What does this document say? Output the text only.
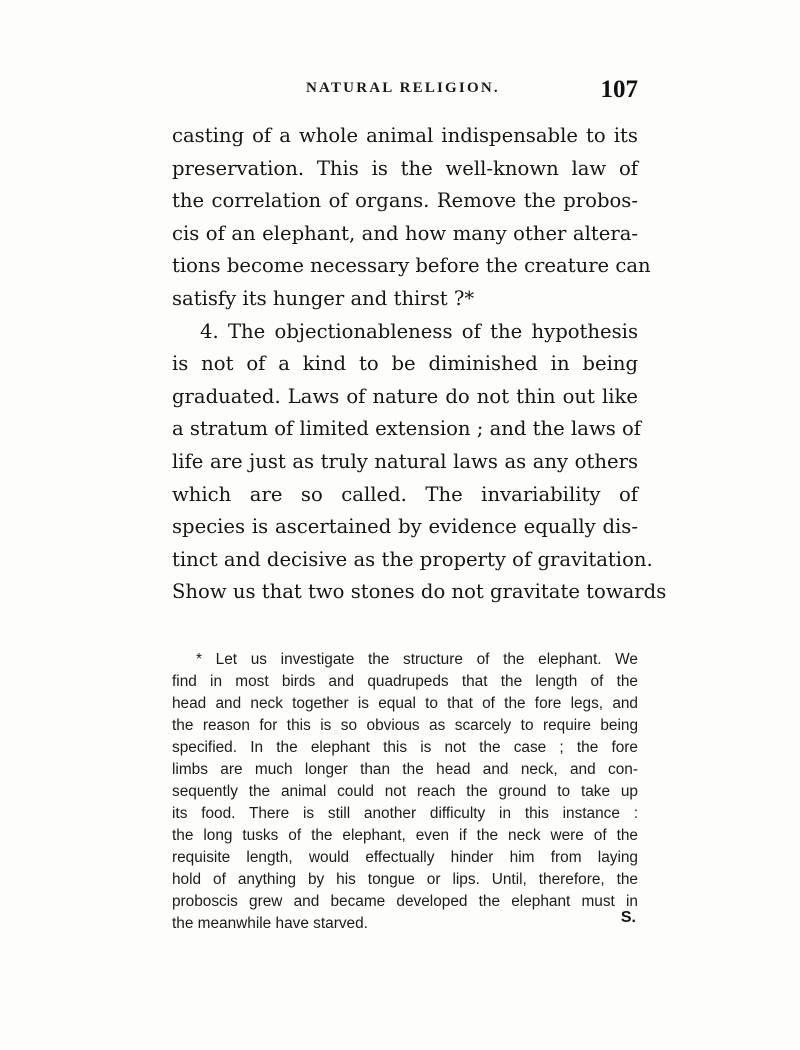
NATURAL RELIGION.	107

casting of a whole animal indispensable to its
preservation. This is the well-known law of
the correlation of organs. Remove the probos-
cis of an elephant, and how many other altera-
tions become necessary before the creature can
satisfy its hunger and thirst ?*

4. The objectionableness of the hypothesis
is not of a kind to be diminished in being
graduated. Laws of nature do not thin out like
a stratum of limited extension ; and the laws of
life are just as truly natural laws as any others
which are so called. The invariability of
species is ascertained by evidence equally dis-
tinct and decisive as the property of gravitation.
Show us that two stones do not gravitate towards

* Let us investigate the structure of the elephant. We
find in most birds and quadrupeds that the length of the
head and neck together is equal to that of the fore legs, and
the reason for this is so obvious as scarcely to require being
specified. In the elephant this is not the case ; the fore
limbs are much longer than the head and neck, and con-
sequently the animal could not reach the ground to take up
its food. There is still another difficulty in this instance :
the long tusks of the elephant, even if the neck were of the
requisite length, would effectually hinder him from laying
hold of anything by his tongue or lips. Until, therefore, the
proboscis grew and became developed the elephant must in
the meanwhile have starved.	S.
